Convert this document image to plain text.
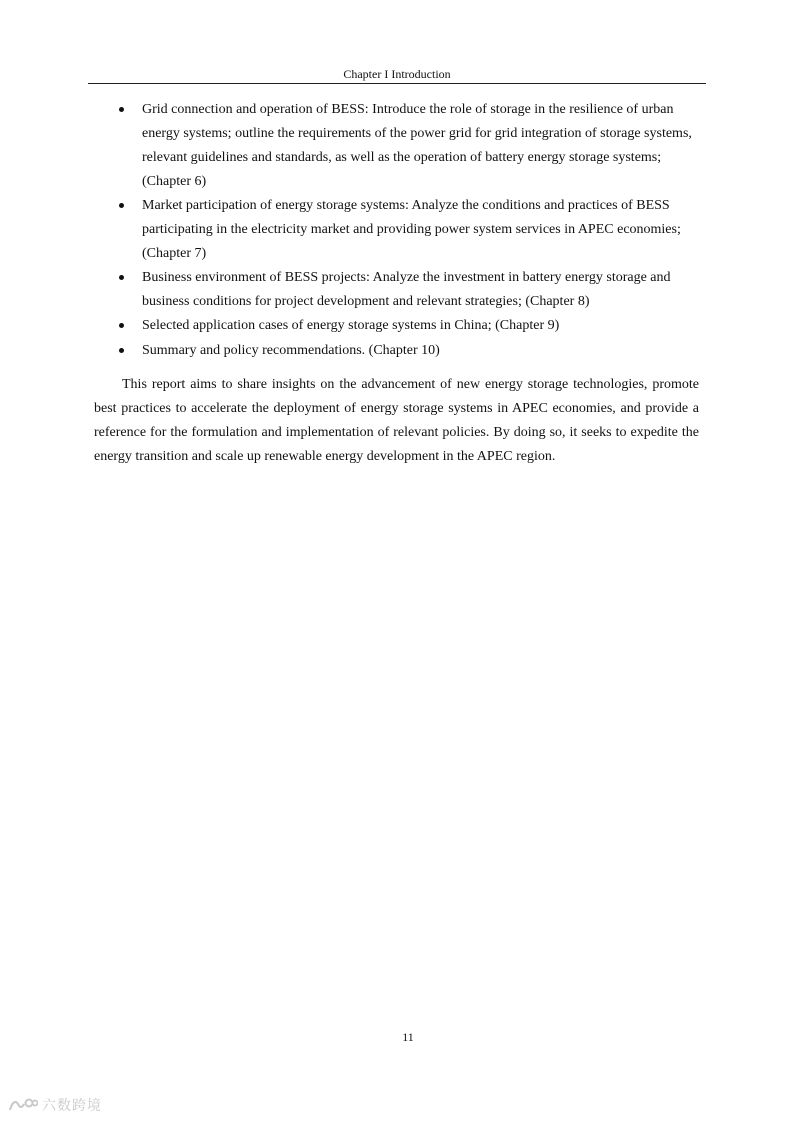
Chapter I Introduction
Grid connection and operation of BESS: Introduce the role of storage in the resilience of urban energy systems; outline the requirements of the power grid for grid integration of storage systems, relevant guidelines and standards, as well as the operation of battery energy storage systems; (Chapter 6)
Market participation of energy storage systems: Analyze the conditions and practices of BESS participating in the electricity market and providing power system services in APEC economies; (Chapter 7)
Business environment of BESS projects: Analyze the investment in battery energy storage and business conditions for project development and relevant strategies; (Chapter 8)
Selected application cases of energy storage systems in China; (Chapter 9)
Summary and policy recommendations. (Chapter 10)

This report aims to share insights on the advancement of new energy storage technologies, promote best practices to accelerate the deployment of energy storage systems in APEC economies, and provide a reference for the formulation and implementation of relevant policies. By doing so, it seeks to expedite the energy transition and scale up renewable energy development in the APEC region.

11
六数跨境
